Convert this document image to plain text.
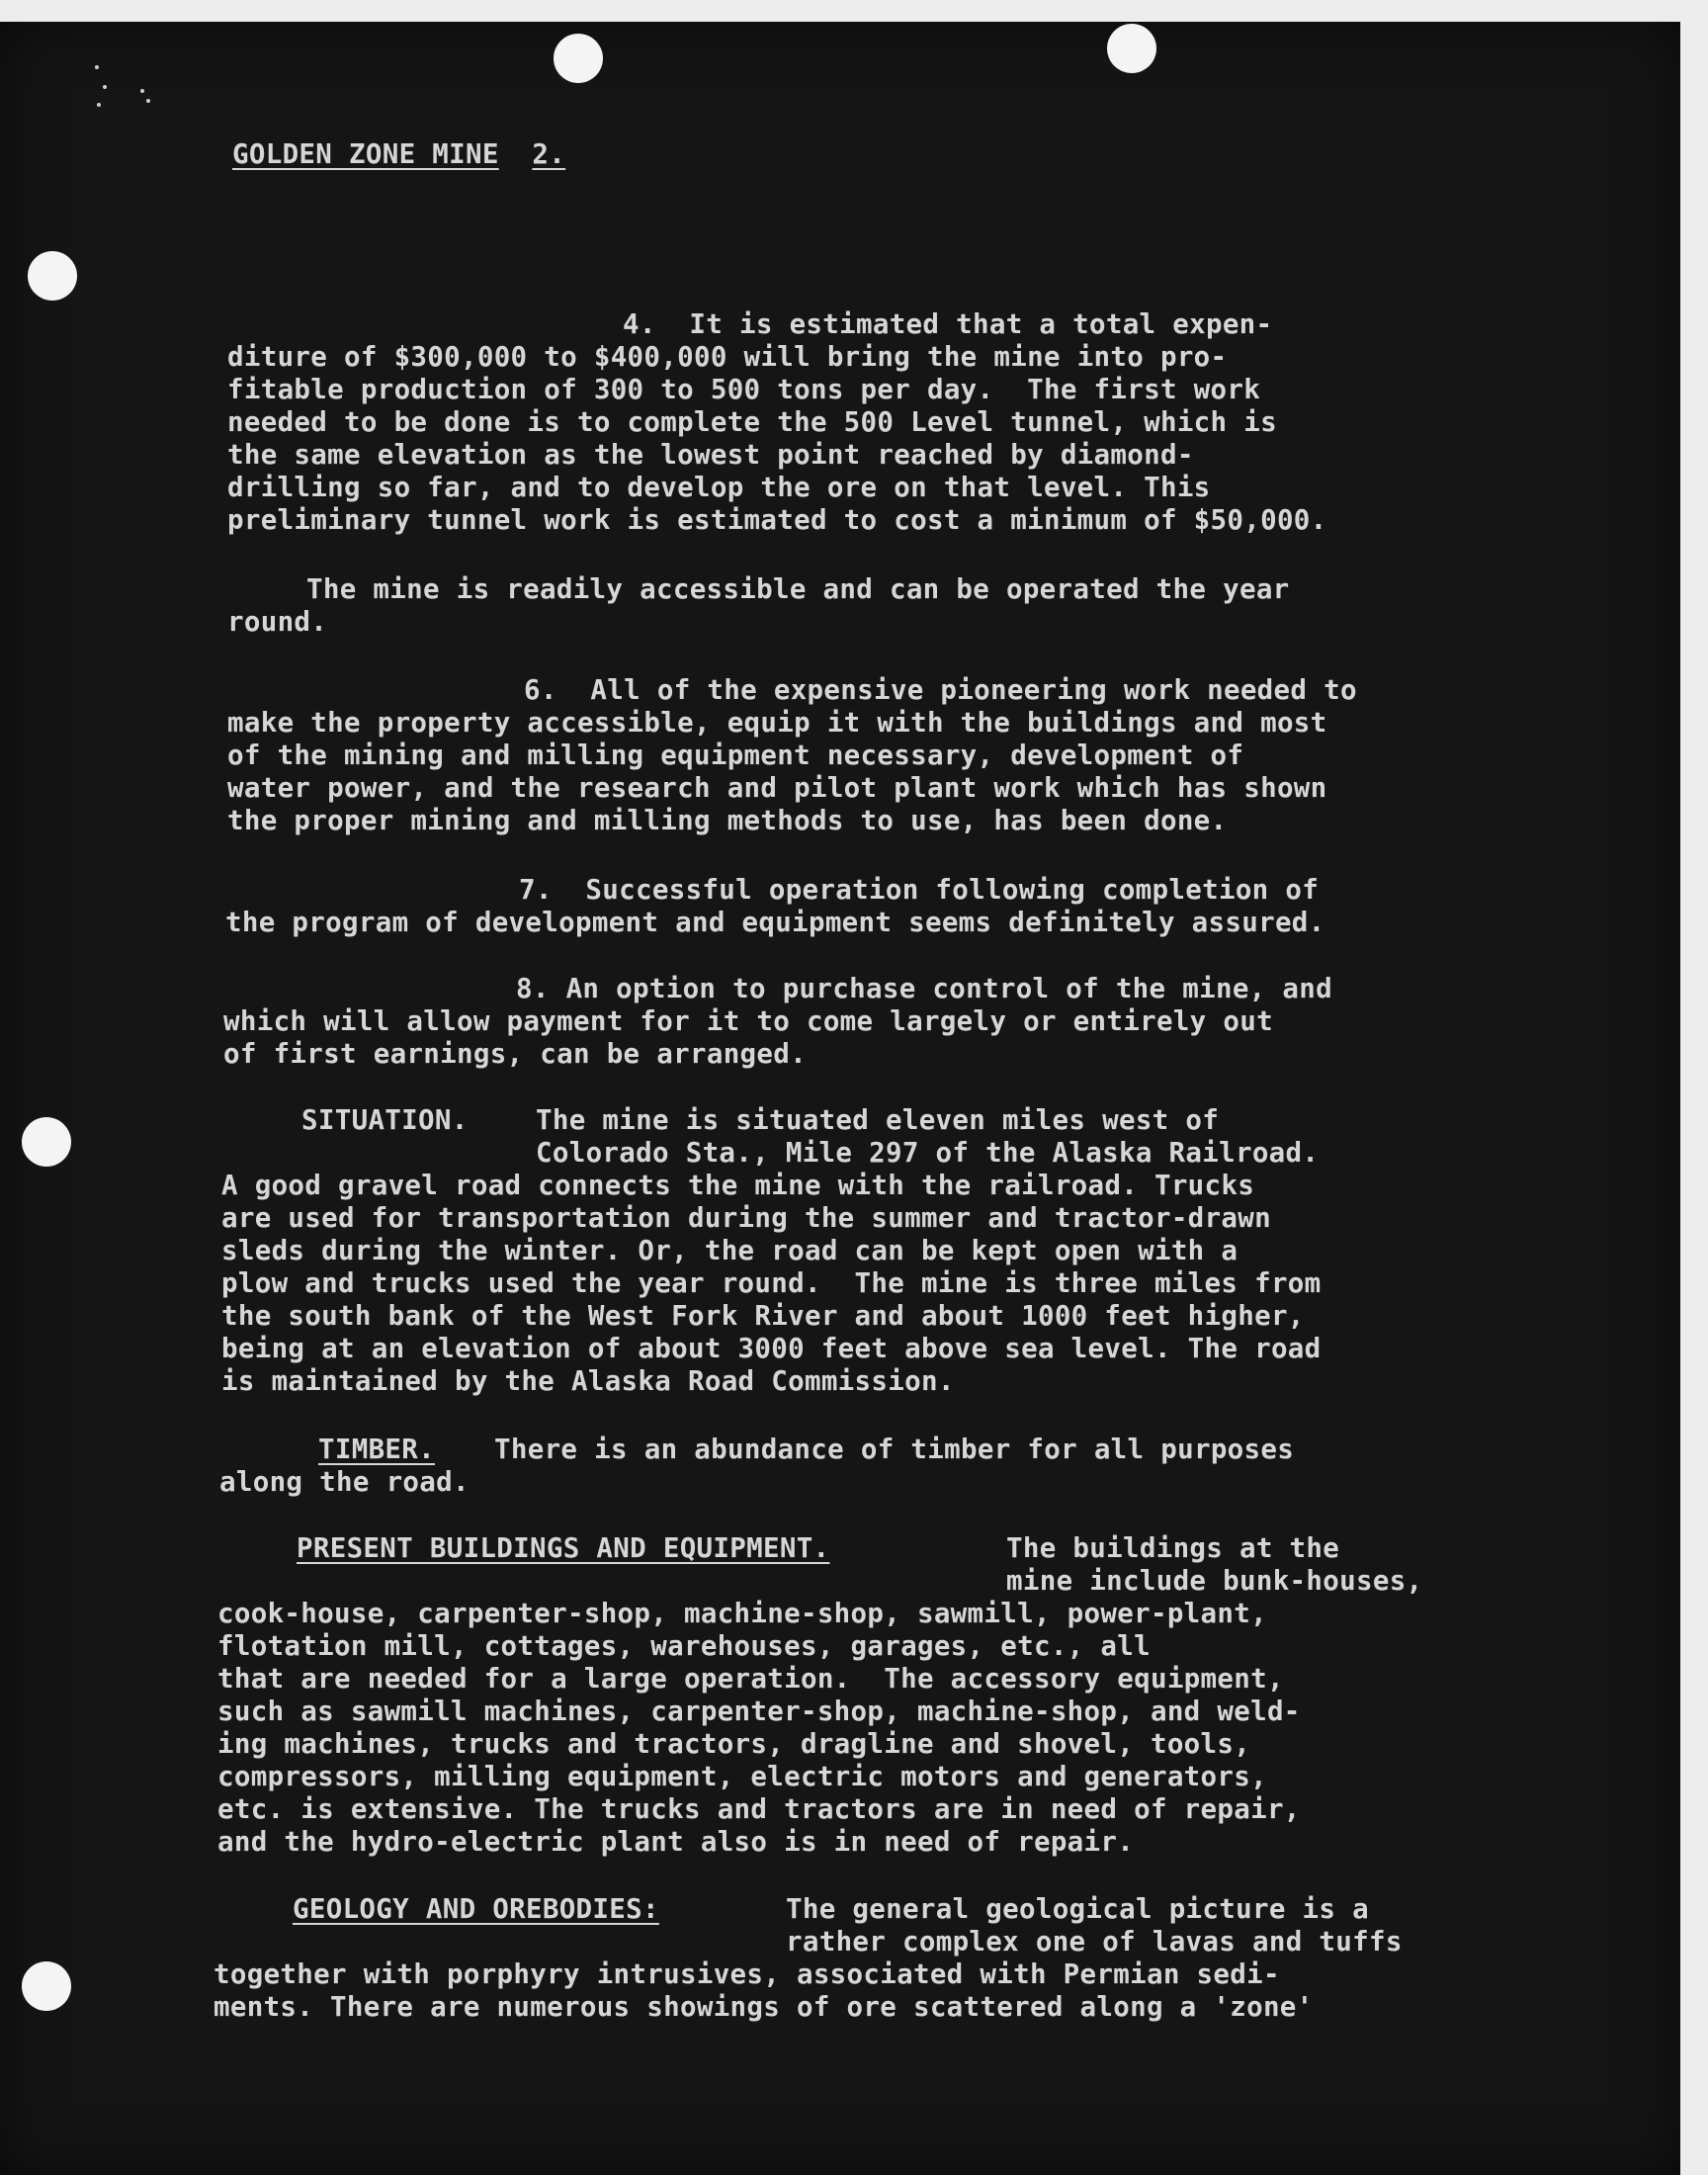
GOLDEN ZONE MINE 2.

4.  It is estimated that a total expen-

diture of $300,000 to $400,000 will bring the mine into pro-

fitable production of 300 to 500 tons per day.  The first work

needed to be done is to complete the 500 Level tunnel, which is

the same elevation as the lowest point reached by diamond-

drilling so far, and to develop the ore on that level. This

preliminary tunnel work is estimated to cost a minimum of $50,000.

The mine is readily accessible and can be operated the year

round.

6.  All of the expensive pioneering work needed to

make the property accessible, equip it with the buildings and most

of the mining and milling equipment necessary, development of

water power, and the research and pilot plant work which has shown

the proper mining and milling methods to use, has been done.

7.  Successful operation following completion of

the program of development and equipment seems definitely assured.

8. An option to purchase control of the mine, and

which will allow payment for it to come largely or entirely out

of first earnings, can be arranged.

SITUATION.

The mine is situated eleven miles west of

Colorado Sta., Mile 297 of the Alaska Railroad.

A good gravel road connects the mine with the railroad. Trucks

are used for transportation during the summer and tractor-drawn

sleds during the winter. Or, the road can be kept open with a

plow and trucks used the year round.  The mine is three miles from

the south bank of the West Fork River and about 1000 feet higher,

being at an elevation of about 3000 feet above sea level. The road

is maintained by the Alaska Road Commission.

TIMBER.

There is an abundance of timber for all purposes

along the road.

PRESENT BUILDINGS AND EQUIPMENT.

	The buildings at the

mine include bunk-houses,

cook-house, carpenter-shop, machine-shop, sawmill, power-plant,

flotation mill, cottages, warehouses, garages, etc., all

that are needed for a large operation.  The accessory equipment,

such as sawmill machines, carpenter-shop, machine-shop, and weld-

ing machines, trucks and tractors, dragline and shovel, tools,

compressors, milling equipment, electric motors and generators,

etc. is extensive. The trucks and tractors are in need of repair,

and the hydro-electric plant also is in need of repair.

GEOLOGY AND OREBODIES:

	The general geological picture is a

rather complex one of lavas and tuffs

together with porphyry intrusives, associated with Permian sedi-

ments. There are numerous showings of ore scattered along a 'zone'
